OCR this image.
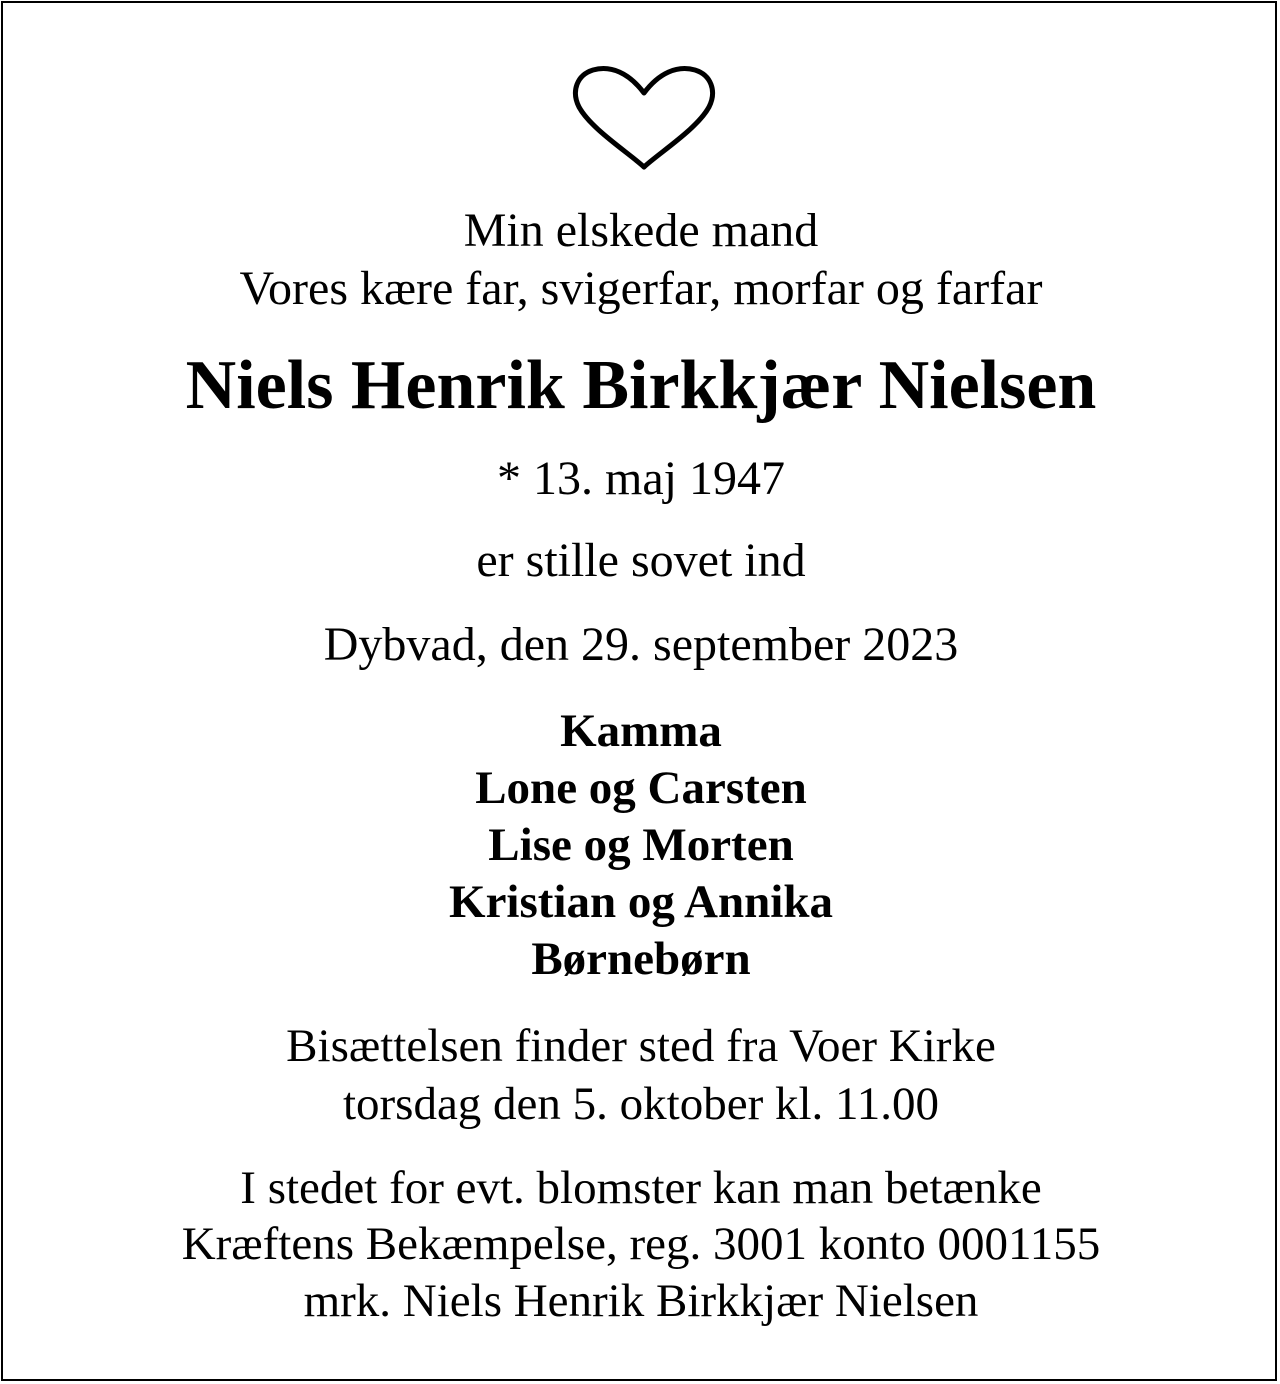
Min elskede mand
Vores kære far, svigerfar, morfar og farfar
Niels Henrik Birkkjær Nielsen
* 13. maj 1947
er stille sovet ind
Dybvad, den 29. september 2023
Kamma
Lone og Carsten
Lise og Morten
Kristian og Annika
Børnebørn
Bisættelsen finder sted fra Voer Kirke
torsdag den 5. oktober kl. 11.00
I stedet for evt. blomster kan man betænke
Kræftens Bekæmpelse, reg. 3001 konto 0001155
mrk. Niels Henrik Birkkjær Nielsen
